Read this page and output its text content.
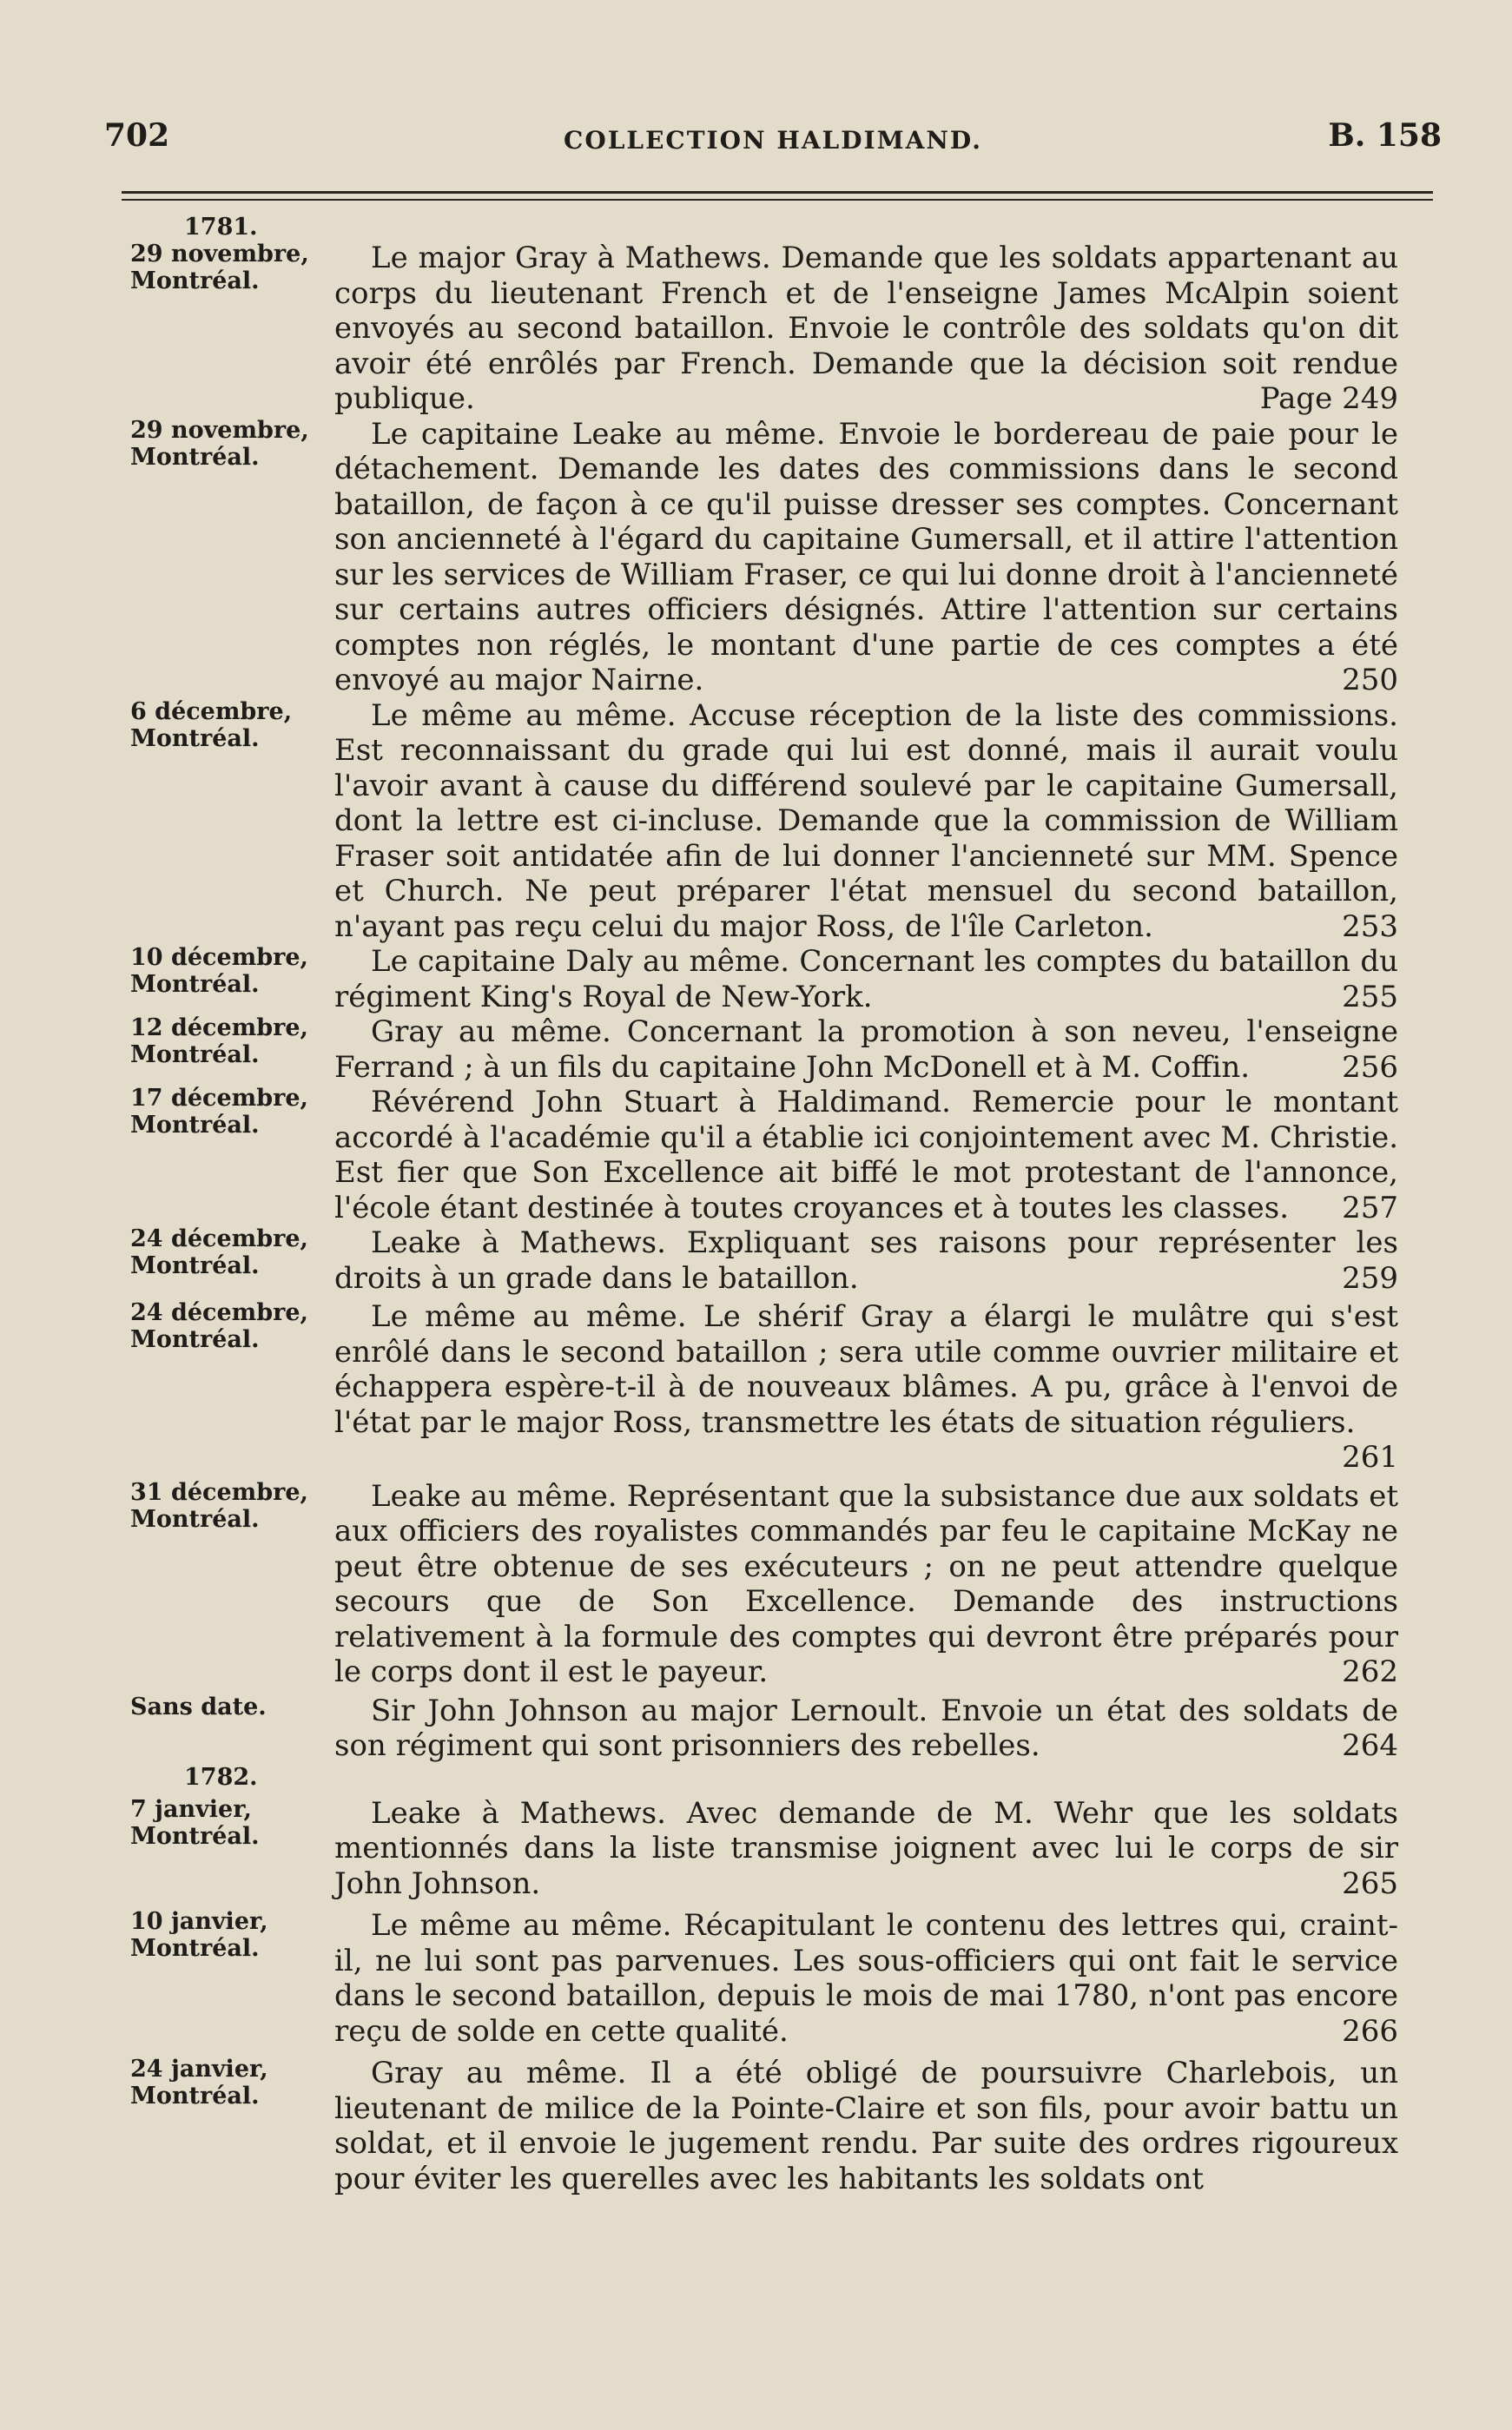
702	COLLECTION HALDIMAND.	B. 158
1781.
29 novembre,
Montréal.

Le major Gray à Mathews. Demande que les soldats appartenant au corps du lieutenant French et de l'enseigne James McAlpin soient envoyés au second bataillon. Envoie le contrôle des soldats qu'on dit avoir été enrôlés par French. Demande que la décision soit rendue publique.	Page 249

29 novembre,
Montréal.

Le capitaine Leake au même. Envoie le bordereau de paie pour le détachement. Demande les dates des commissions dans le second bataillon, de façon à ce qu'il puisse dresser ses comptes. Concernant son ancienneté à l'égard du capitaine Gumersall, et il attire l'attention sur les services de William Fraser, ce qui lui donne droit à l'ancienneté sur certains autres officiers désignés. Attire l'attention sur certains comptes non réglés, le montant d'une partie de ces comptes a été envoyé au major Nairne.	250

6 décembre,
Montréal.

Le même au même. Accuse réception de la liste des commissions. Est reconnaissant du grade qui lui est donné, mais il aurait voulu l'avoir avant à cause du différend soulevé par le capitaine Gumersall, dont la lettre est ci-incluse. Demande que la commission de William Fraser soit antidatée afin de lui donner l'ancienneté sur MM. Spence et Church. Ne peut préparer l'état mensuel du second bataillon, n'ayant pas reçu celui du major Ross, de l'île Carleton.	253

10 décembre,
Montréal.

Le capitaine Daly au même. Concernant les comptes du bataillon du régiment King's Royal de New-York.	255

12 décembre,
Montréal.

Gray au même. Concernant la promotion à son neveu, l'enseigne Ferrand ; à un fils du capitaine John McDonell et à M. Coffin.	256

17 décembre,
Montréal.

Révérend John Stuart à Haldimand. Remercie pour le montant accordé à l'académie qu'il a établie ici conjointement avec M. Christie. Est fier que Son Excellence ait biffé le mot protestant de l'annonce, l'école étant destinée à toutes croyances et à toutes les classes.	257

24 décembre,
Montréal.

Leake à Mathews. Expliquant ses raisons pour représenter les droits à un grade dans le bataillon.	259

24 décembre,
Montréal.

Le même au même. Le shérif Gray a élargi le mulâtre qui s'est enrôlé dans le second bataillon ; sera utile comme ouvrier militaire et échappera espère-t-il à de nouveaux blâmes. A pu, grâce à l'envoi de l'état par le major Ross, transmettre les états de situation réguliers.
261

31 décembre,
Montréal.

Leake au même. Représentant que la subsistance due aux soldats et aux officiers des royalistes commandés par feu le capitaine McKay ne peut être obtenue de ses exécuteurs ; on ne peut attendre quelque secours que de Son Excellence. Demande des instructions relativement à la formule des comptes qui devront être préparés pour le corps dont il est le payeur.	262

Sans date.	Sir John Johnson au major Lernoult. Envoie un état des soldats de son régiment qui sont prisonniers des rebelles.	264

1782.
7 janvier,
Montréal.

Leake à Mathews. Avec demande de M. Wehr que les soldats mentionnés dans la liste transmise joignent avec lui le corps de sir John Johnson.	265

10 janvier,
Montréal.

Le même au même. Récapitulant le contenu des lettres qui, craint-il, ne lui sont pas parvenues. Les sous-officiers qui ont fait le service dans le second bataillon, depuis le mois de mai 1780, n'ont pas encore reçu de solde en cette qualité.	266

24 janvier,
Montréal.

Gray au même. Il a été obligé de poursuivre Charlebois, un lieutenant de milice de la Pointe-Claire et son fils, pour avoir battu un soldat, et il envoie le jugement rendu. Par suite des ordres rigoureux pour éviter les querelles avec les habitants les soldats ont
